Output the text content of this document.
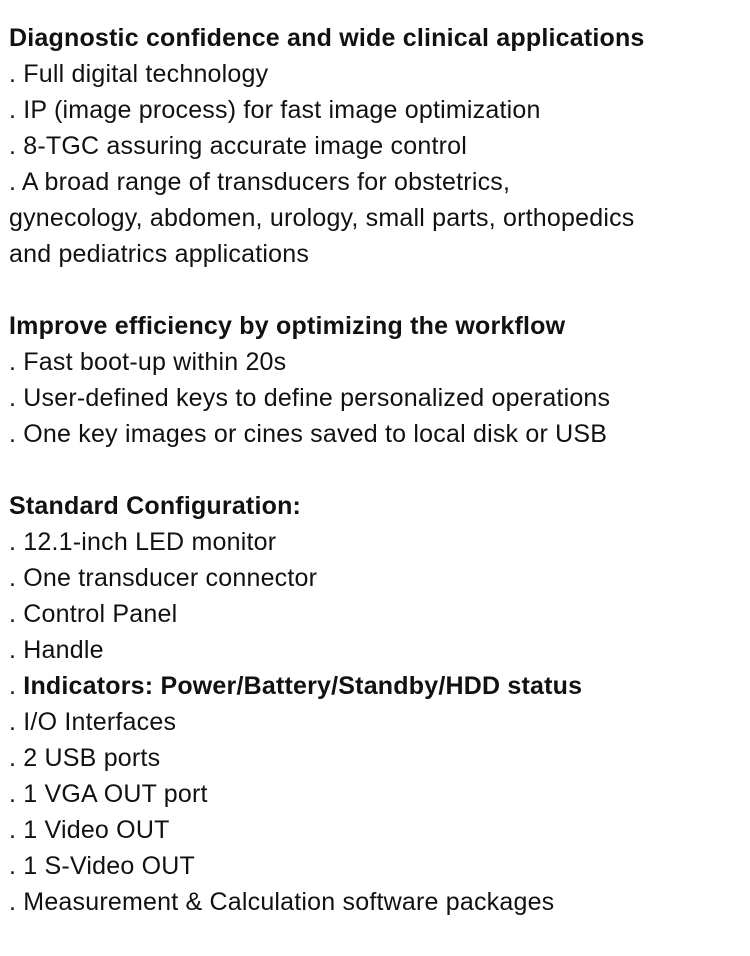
Diagnostic confidence and wide clinical applications
. Full digital technology
. IP (image process) for fast image optimization
. 8-TGC assuring accurate image control
. A broad range of transducers for obstetrics,
gynecology, abdomen, urology, small parts, orthopedics
and pediatrics applications
Improve efficiency by optimizing the workflow
. Fast boot-up within 20s
. User-defined keys to define personalized operations
. One key images or cines saved to local disk or USB
Standard Configuration:
. 12.1-inch LED monitor
. One transducer connector
. Control Panel
. Handle
. Indicators: Power/Battery/Standby/HDD status
. I/O Interfaces
. 2 USB ports
. 1 VGA OUT port
. 1 Video OUT
. 1 S-Video OUT
. Measurement & Calculation software packages
